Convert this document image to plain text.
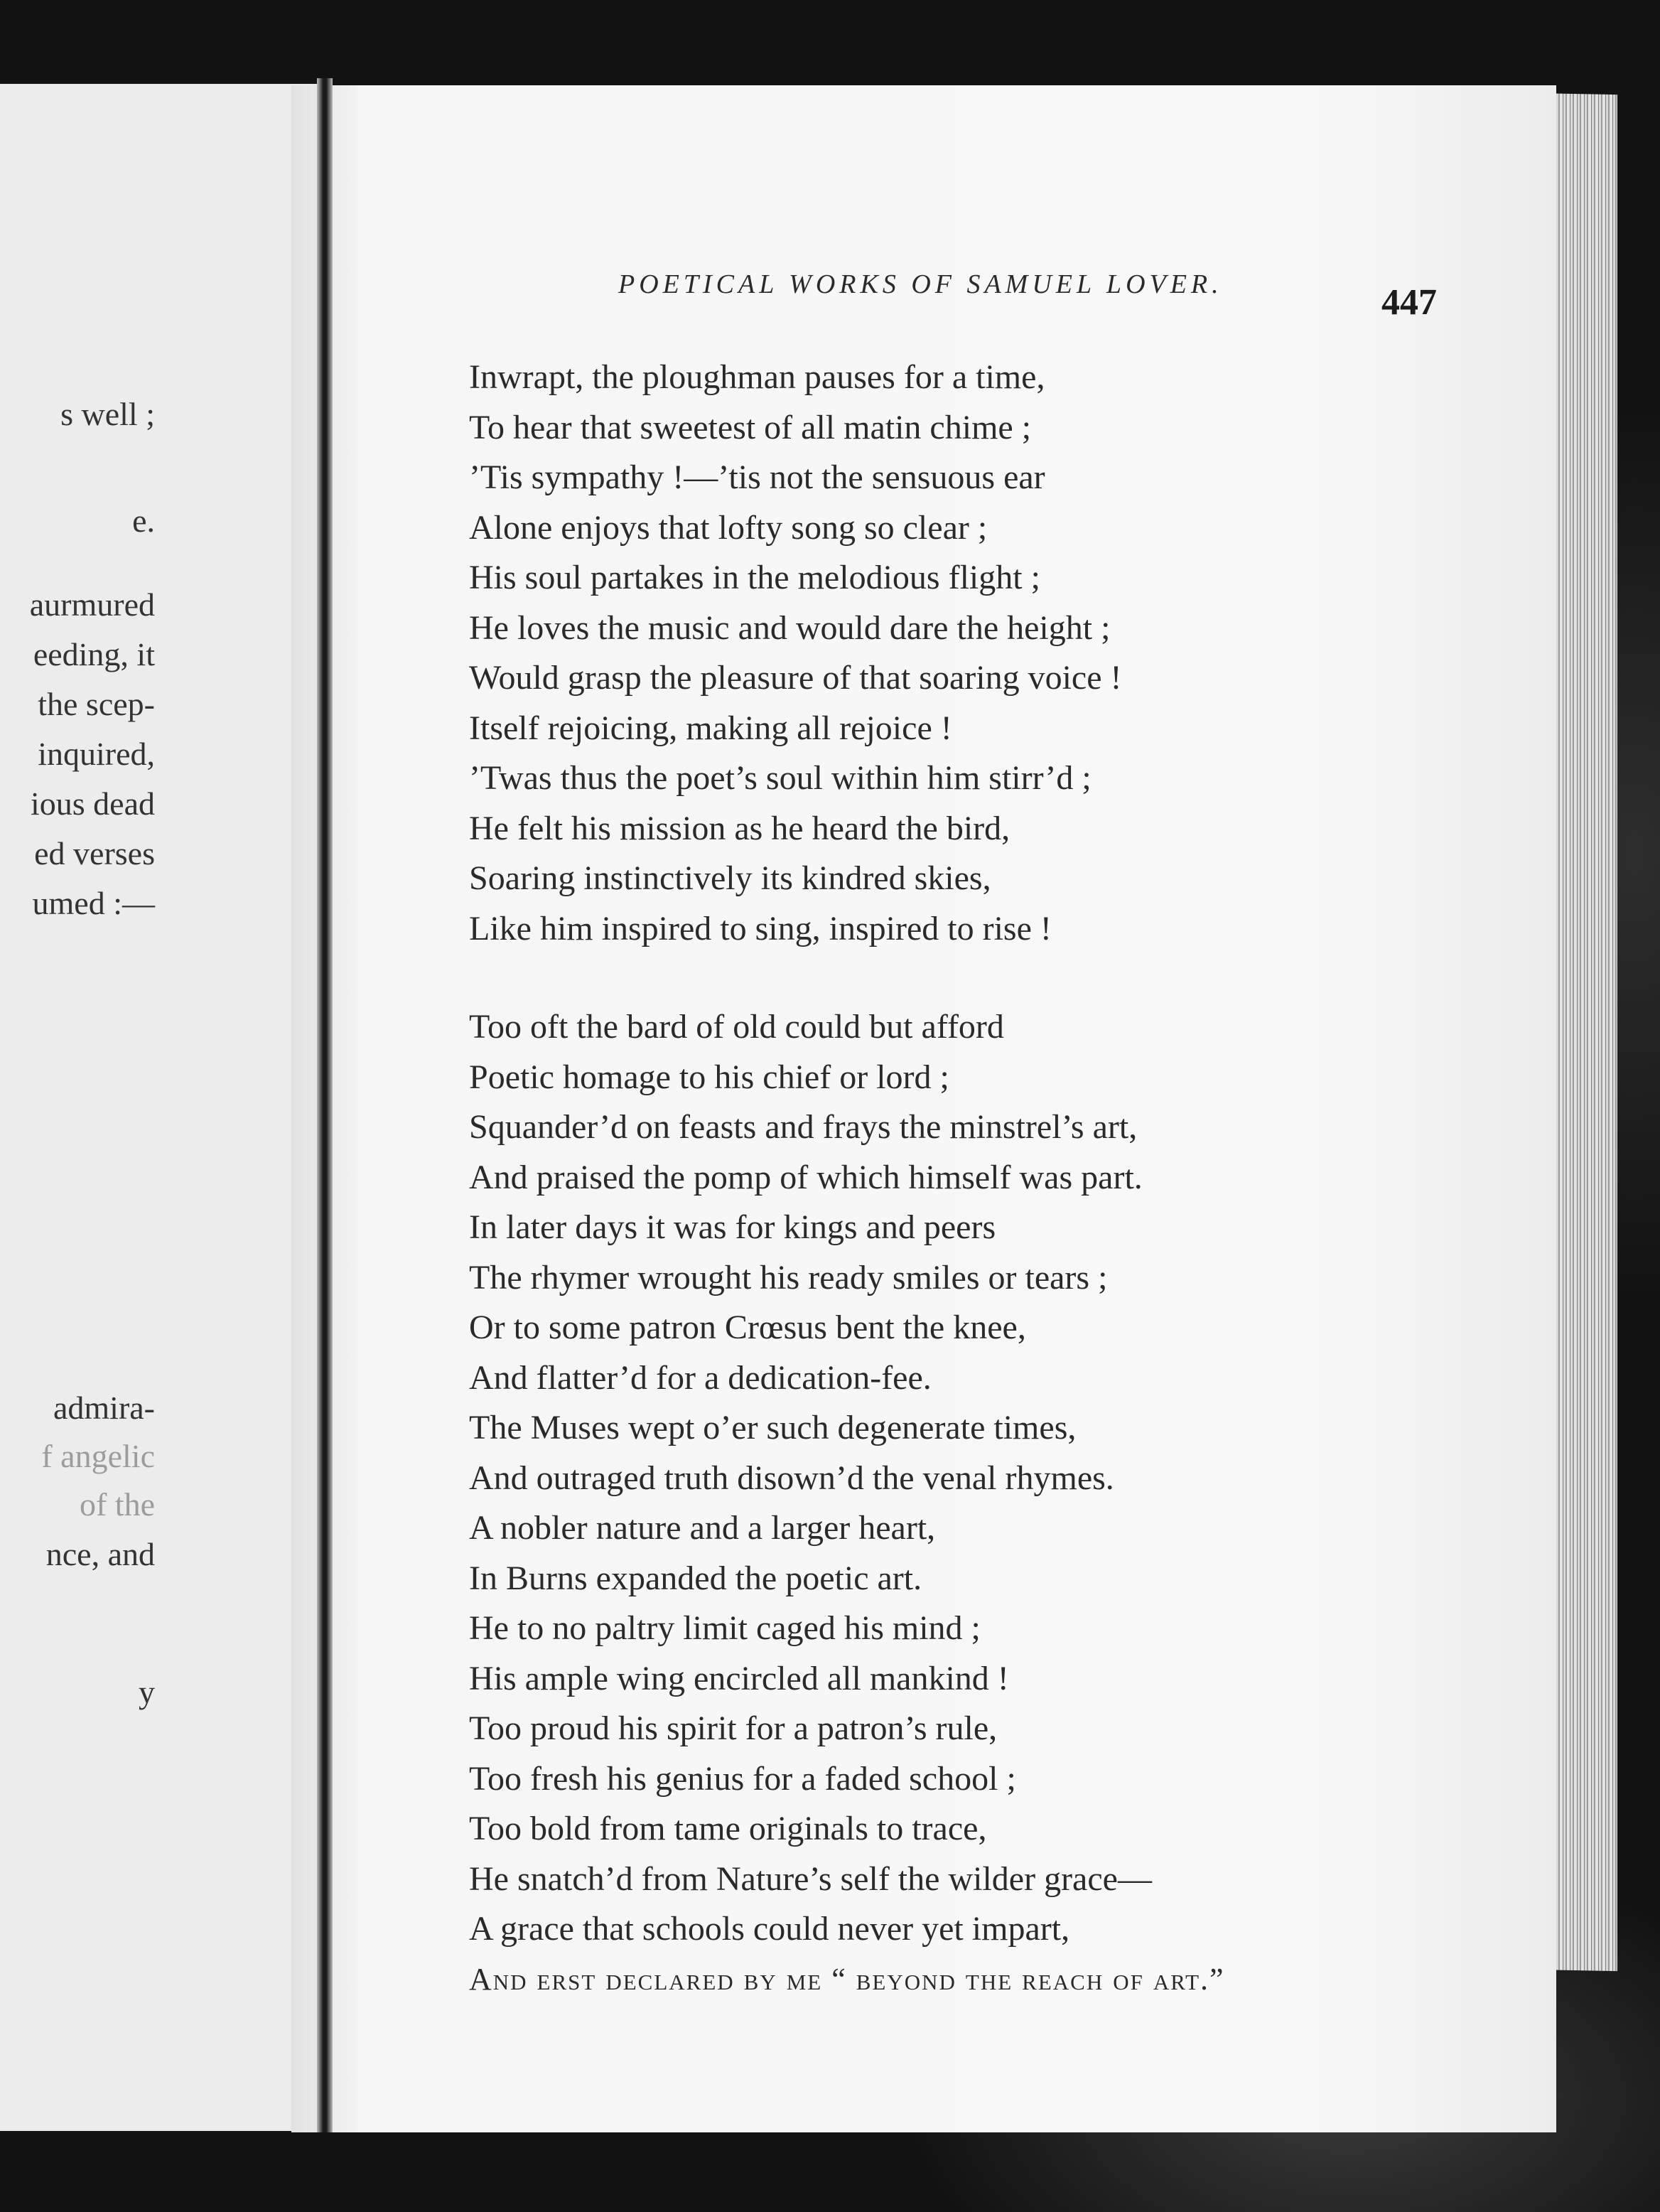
s well ;
e.
aurmured
eeding, it
the scep-
inquired,
ious dead
ed verses
umed :—
admira-
f angelic
of the
nce, and
y
POETICAL WORKS OF SAMUEL LOVER.	447
Inwrapt, the ploughman pauses for a time,
To hear that sweetest of all matin chime ;
’Tis sympathy !—’tis not the sensuous ear
Alone enjoys that lofty song so clear ;
His soul partakes in the melodious flight ;
He loves the music and would dare the height ;
Would grasp the pleasure of that soaring voice !
Itself rejoicing, making all rejoice !
’Twas thus the poet’s soul within him stirr’d ;
He felt his mission as he heard the bird,
Soaring instinctively its kindred skies,
Like him inspired to sing, inspired to rise !
Too oft the bard of old could but afford
Poetic homage to his chief or lord ;
Squander’d on feasts and frays the minstrel’s art,
And praised the pomp of which himself was part.
In later days it was for kings and peers
The rhymer wrought his ready smiles or tears ;
Or to some patron Crœsus bent the knee,
And flatter’d for a dedication-fee.
The Muses wept o’er such degenerate times,
And outraged truth disown’d the venal rhymes.
A nobler nature and a larger heart,
In Burns expanded the poetic art.
He to no paltry limit caged his mind ;
His ample wing encircled all mankind !
Too proud his spirit for a patron’s rule,
Too fresh his genius for a faded school ;
Too bold from tame originals to trace,
He snatch’d from Nature’s self the wilder grace—
A grace that schools could never yet impart,
And erst declared by me “ beyond the reach of art.”
